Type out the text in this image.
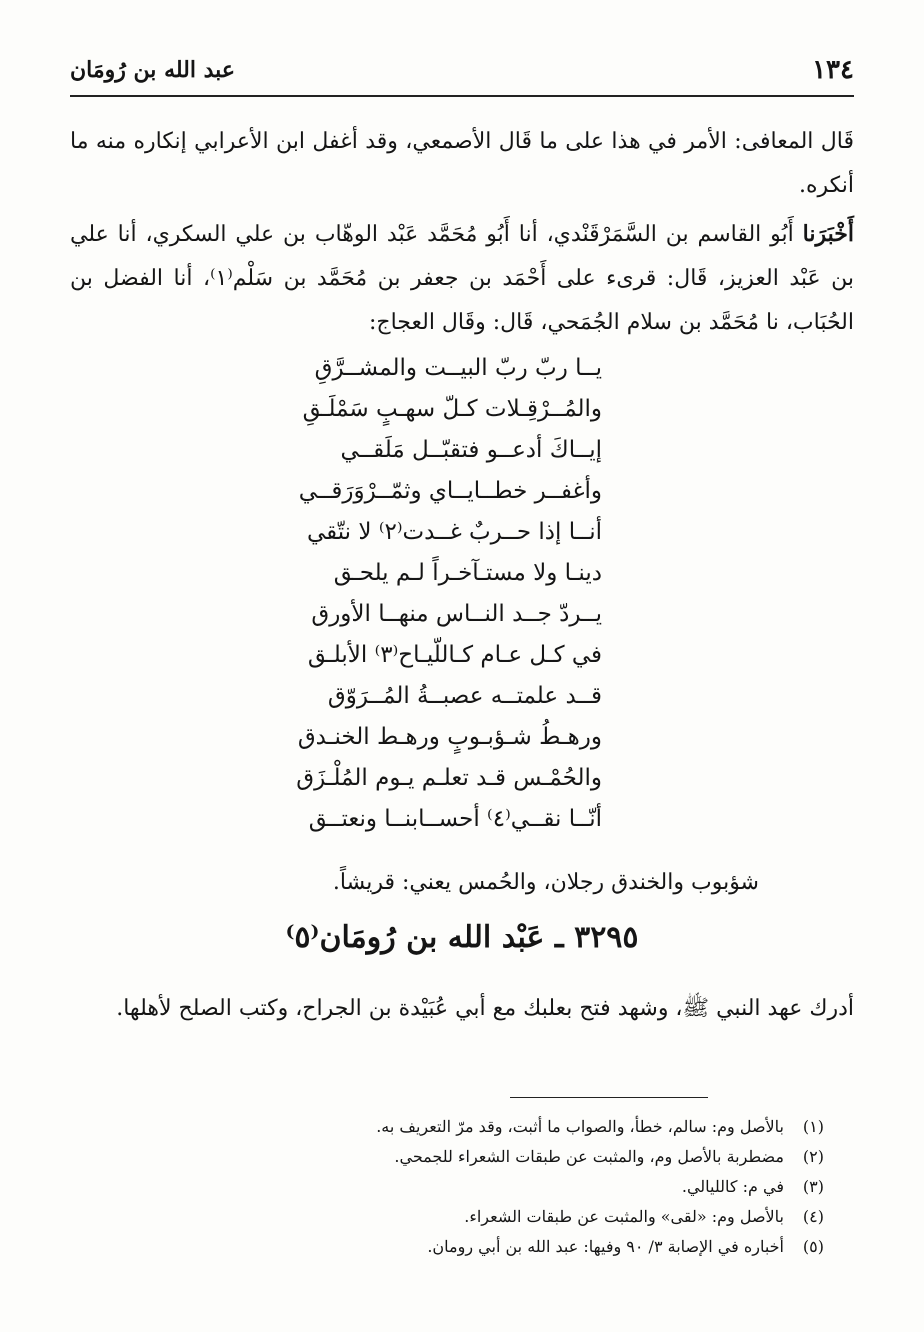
١٣٤
عبد الله بن رُومَان

قَال المعافى: الأمر في هذا على ما قَال الأصمعي، وقد أغفل ابن الأعرابي إنكاره منه ما أنكره.

أَخْبَرَنا أَبُو القاسم بن السَّمَرْقَنْدي، أنا أَبُو مُحَمَّد عَبْد الوهّاب بن علي السكري، أنا علي بن عَبْد العزيز، قَال: قرىء على أَحْمَد بن جعفر بن مُحَمَّد بن سَلْم⁽١⁾، أنا الفضل بن الحُبَاب، نا مُحَمَّد بن سلام الجُمَحي، قَال: وقَال العجاج:

يــا ربّ ربّ البيــت والمشــرَّقِ
والمُــرْقِـلات كـلّ سهـبٍ سَمْلَـقِ
إيــاكَ أدعــو فتقبّــل مَلَقــي
وأغفــر خطــايــاي وثمّــرْوَرَقــي
أنــا إذا حــربٌ غــدت⁽٢⁾ لا نتّقي
دينـا ولا مستـآخـراً لـم يلحـق
يــردّ جــد النــاس منهــا الأورق
في كـل عـام كـاللّيـاح⁽٣⁾ الأبلـق
قــد علمتــه عصبــةُ المُــرَوّق
ورهـطُ شـؤبـوبٍ ورهـط الخنـدق
والحُمْـس قـد تعلـم يـوم المُلْـزَق
أنّــا نقــي⁽٤⁾ أحســابنــا ونعتــق
شؤبوب والخندق رجلان، والحُمس يعني: قريشاً.
٣٢٩٥ ـ عَبْد الله بن رُومَان⁽٥⁾

أدرك عهد النبي ﷺ، وشهد فتح بعلبك مع أبي عُبَيْدة بن الجراح، وكتب الصلح لأهلها.

(١)بالأصل وم: سالم، خطأ، والصواب ما أثبت، وقد مرّ التعريف به.
(٢)مضطربة بالأصل وم، والمثبت عن طبقات الشعراء للجمحي.
(٣)في م: كالليالي.
(٤)بالأصل وم: «لقى» والمثبت عن طبقات الشعراء.
(٥)أخباره في الإصابة ٣/ ٩٠ وفيها: عبد الله بن أبي رومان.
